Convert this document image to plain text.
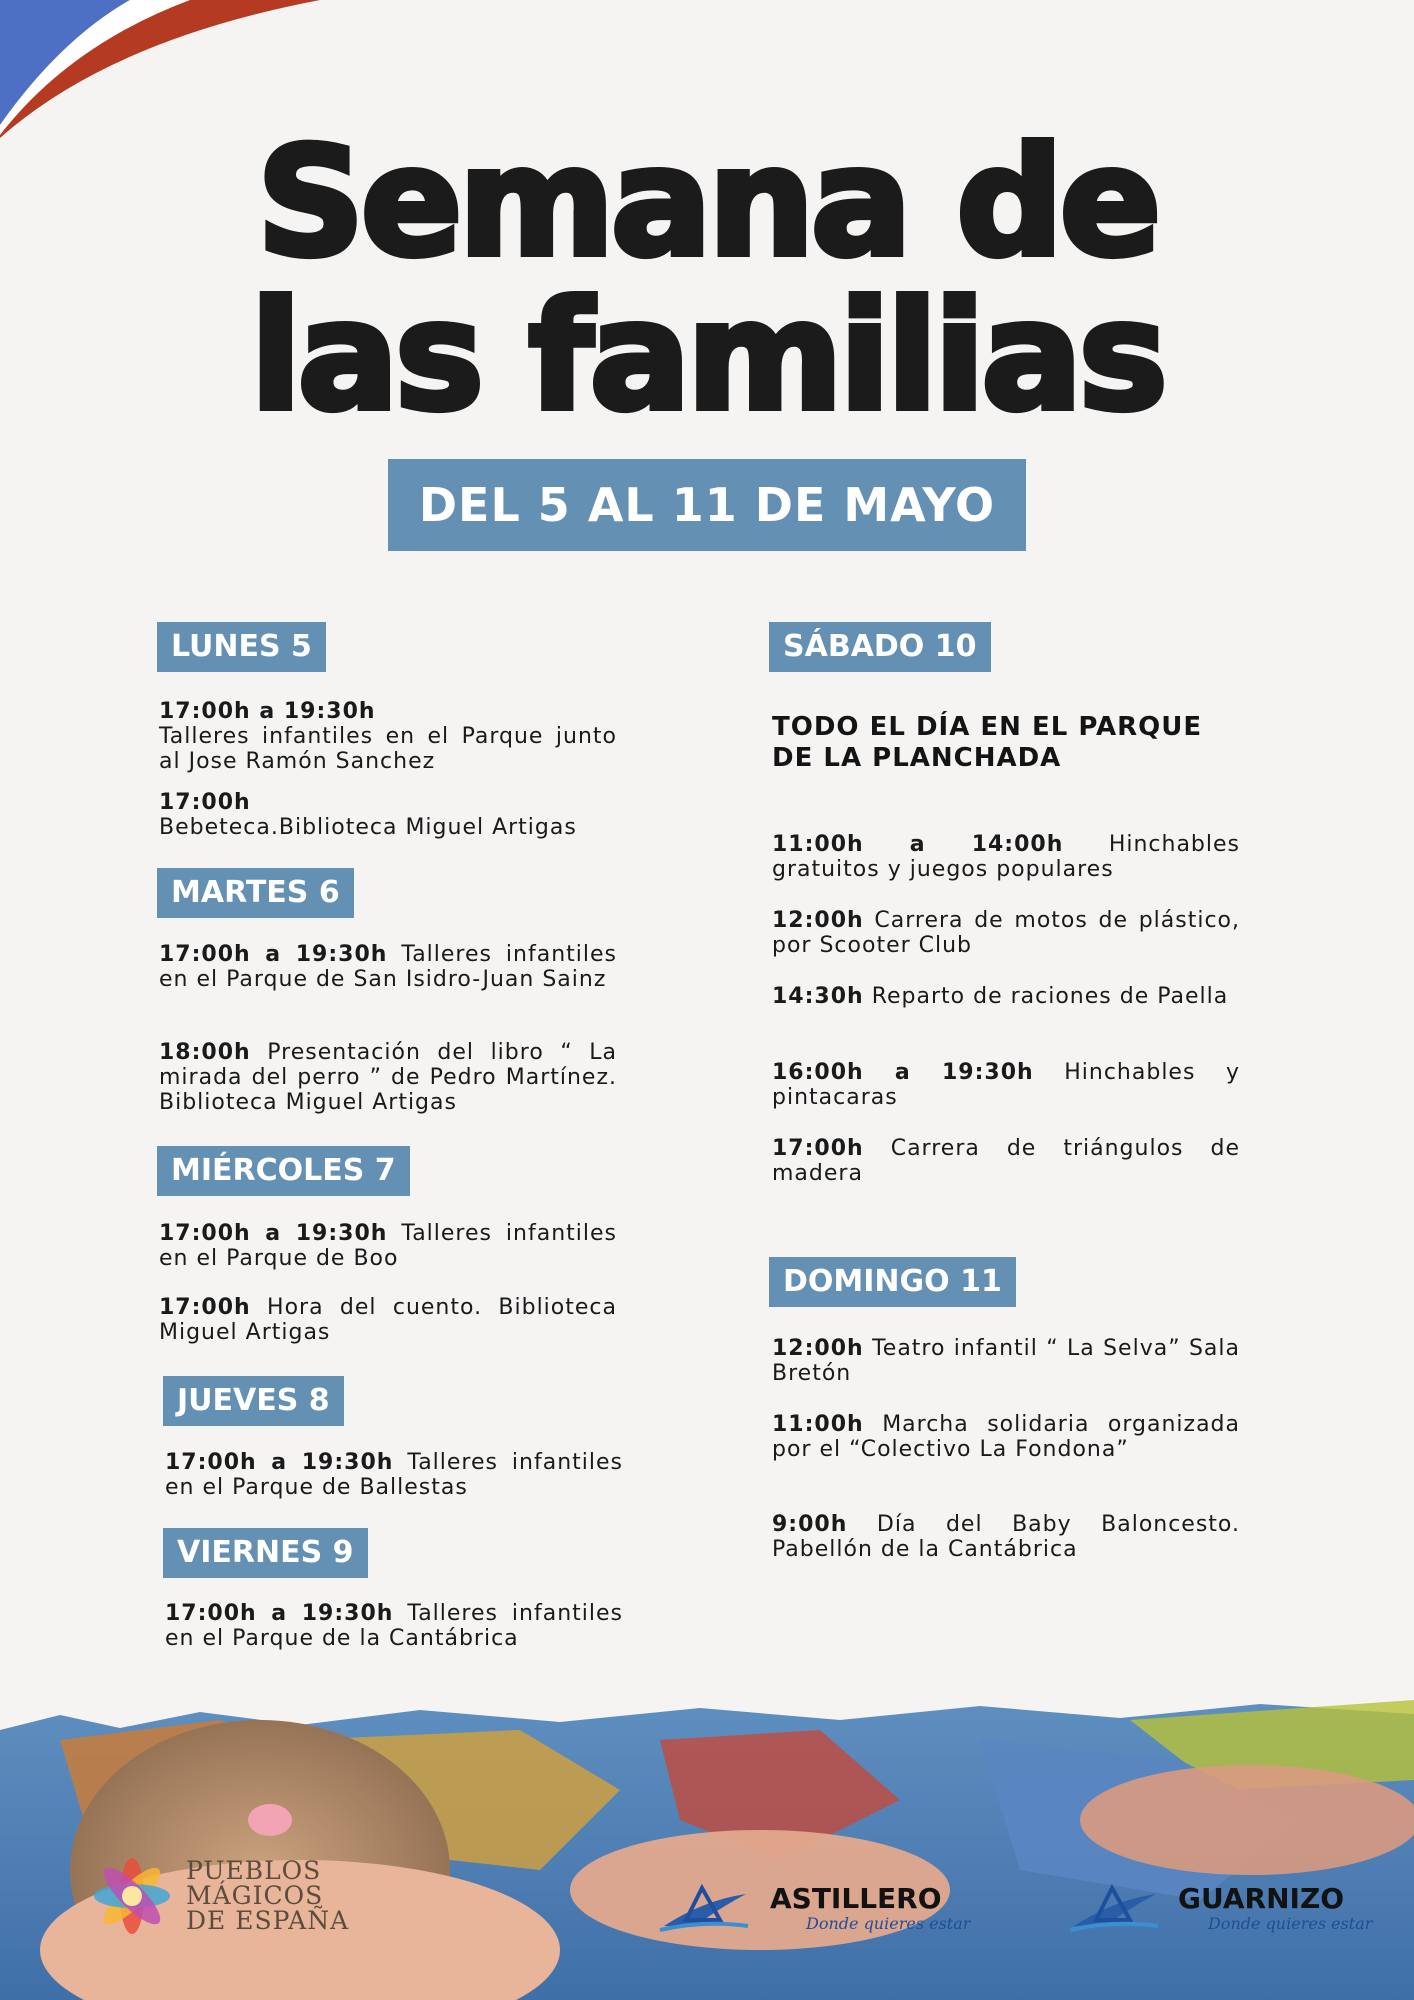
Semana de
las familias
DEL 5 AL 11 DE MAYO
LUNES 5
17:00h a 19:30h
Talleres infantiles en el Parque junto al Jose Ramón Sanchez
17:00h
Bebeteca.Biblioteca Miguel Artigas
MARTES 6
17:00h a 19:30h Talleres infantiles en el Parque de San Isidro-Juan Sainz
18:00h Presentación del libro “ La mirada del perro ” de Pedro Martínez. Biblioteca Miguel Artigas
MIÉRCOLES 7
17:00h a 19:30h Talleres infantiles en el Parque de Boo
17:00h Hora del cuento. Biblioteca Miguel Artigas
JUEVES 8
17:00h a 19:30h Talleres infantiles en el Parque de Ballestas
VIERNES 9
17:00h a 19:30h Talleres infantiles en el Parque de la Cantábrica
SÁBADO 10
TODO EL DÍA EN EL PARQUE DE LA PLANCHADA
11:00h a 14:00h Hinchables gratuitos y juegos populares
12:00h Carrera de motos de plástico, por Scooter Club
14:30h Reparto de raciones de Paella
16:00h a 19:30h Hinchables y pintacaras
17:00h Carrera de triángulos de madera
DOMINGO 11
12:00h Teatro infantil “ La Selva” Sala Bretón
11:00h Marcha solidaria organizada por el “Colectivo La Fondona”
9:00h Día del Baby Baloncesto. Pabellón de la Cantábrica
PUEBLOS
MÁGICOS
DE ESPAÑA
ASTILLERO
Donde quieres estar
GUARNIZO
Donde quieres estar
